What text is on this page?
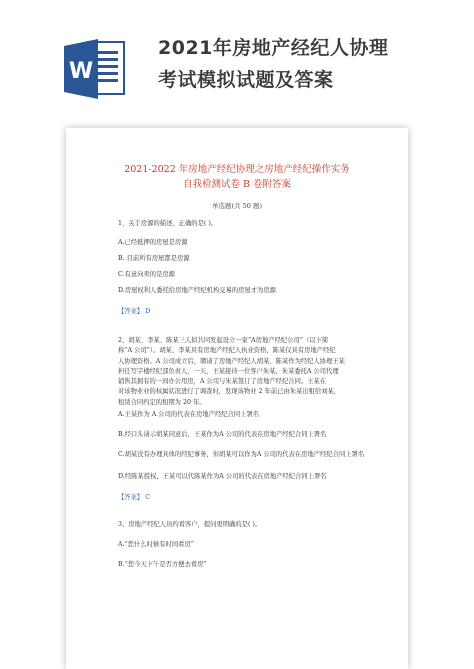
W
2021年房地产经纪人协理
考试模拟试题及答案
2021-2022 年房地产经纪协理之房地产经纪操作实务
自我检测试卷 B 卷附答案
单选题(共 50 题)
1、关于房源的描述，正确的是( )。
A.已经抵押的房屋是房源
B. 目前所有房屋都是房源
C.有意向卖的是房源
D.房屋权利人委托给房地产经纪机构交易的房屋才为房源
【答案】 D
2、胡某、李某、陈某三人拟共同发起设立一家“A房地产经纪公司”（以下简
称“A 公司”）。胡某、李某具有房地产经纪人执业资格，陈某仅具有房地产经纪
人协理资格。A 公司成立后，聘请了房地产经纪人胡某、陈某作为经纪人协理王某
担任写字楼经纪部负责人，一天，王某接待一位客户朱某，朱某委托A 公司代理
销售其拥有的一间办公用房，A 公司与朱某签订了房地产经纪合同。王某在
对该物业业的权属状况进行了调查时，发现该物业 2 年前已由朱某出租给刘某，
租赁合同约定的租期为 20 年。
A.王某作为 A 公司的代表在房地产经纪合同上署名
B.经口头请示胡某同意后，王某作为A 公司的代表在房地产经纪合同上署名
C.胡某没有办理具体的经纪事务，但胡某可以作为A 公司的代表在房地产经纪合同上署名
D.经陈某授权，王某可以代陈某作为A 公司的代表在房地产经纪合同上署名
【答案】 C
3、房地产经纪人员约看客户，提问更明确的是( )。
A.“您什么时候有时间看房”
B.“您今天下午是否方便去看房”
